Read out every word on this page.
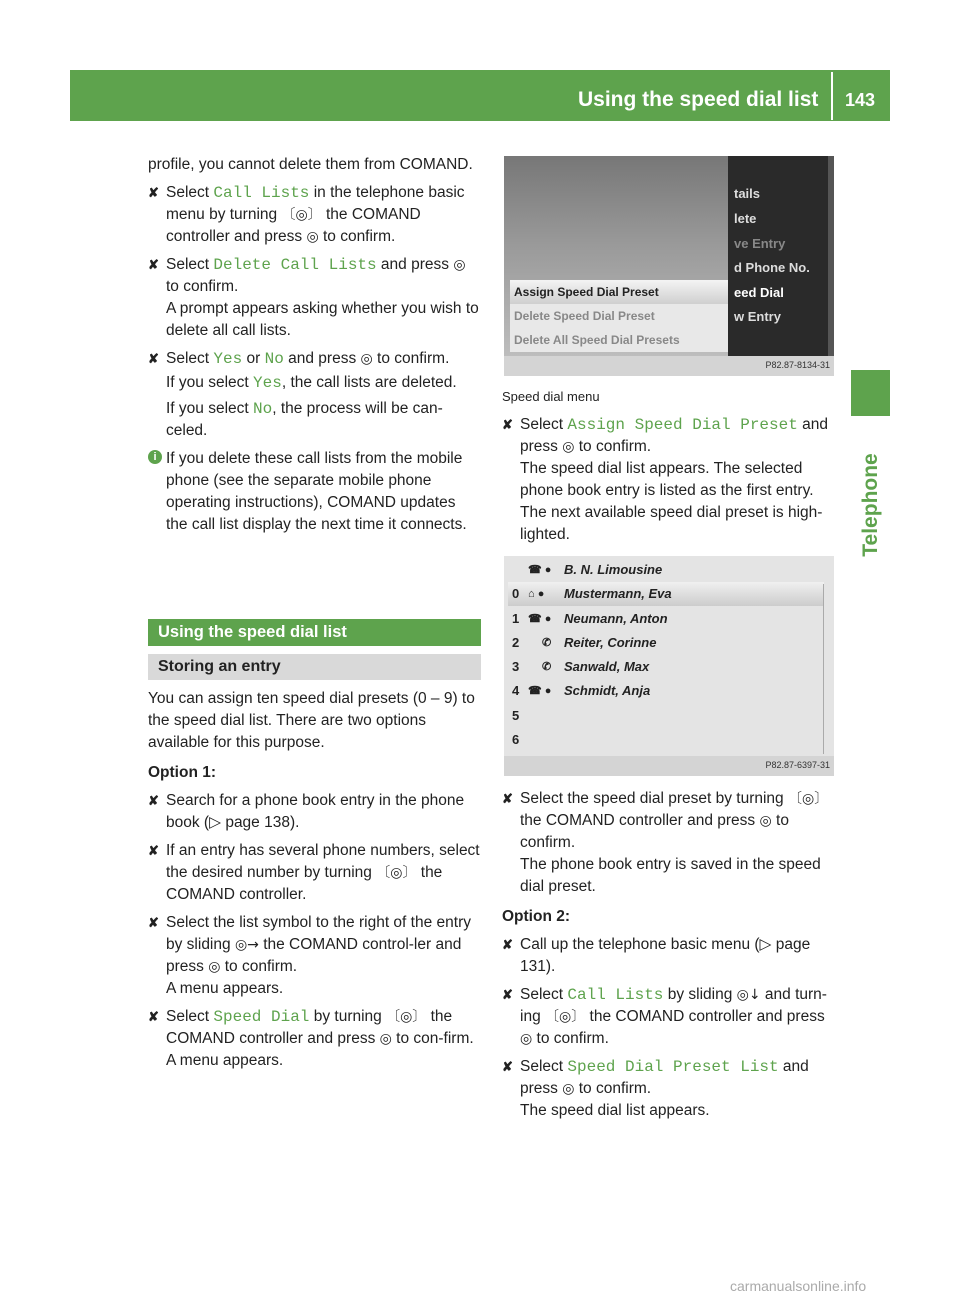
Using the speed dial list 143
Telephone

profile, you cannot delete them from COMAND.

✘ Select Call Lists in the telephone basic menu by turning 〔◎〕 the COMAND controller and press ◎ to confirm.

✘ Select Delete Call Lists and press ◎ to confirm.
A prompt appears asking whether you wish to delete all call lists.

✘ Select Yes or No and press ◎ to confirm.

If you select Yes, the call lists are deleted.

If you select No, the process will be can-celed.

i If you delete these call lists from the mobile phone (see the separate mobile phone operating instructions), COMAND updates the call list display the next time it connects.

Using the speed dial list
Storing an entry

You can assign ten speed dial presets (0 – 9) to the speed dial list. There are two options available for this purpose.

Option 1:

✘ Search for a phone book entry in the phone book (▷ page 138).

✘ If an entry has several phone numbers, select the desired number by turning 〔◎〕 the COMAND controller.

✘ Select the list symbol to the right of the entry by sliding ◎→ the COMAND control-ler and press ◎ to confirm.
A menu appears.

✘ Select Speed Dial by turning 〔◎〕 the COMAND controller and press ◎ to con-firm.
A menu appears.

tails
lete
ve Entry
d Phone No.
eed Dial
w Entry
Assign Speed Dial Preset
Delete Speed Dial Preset
Delete All Speed Dial Presets
P82.87-8134-31

Speed dial menu

✘ Select Assign Speed Dial Preset and press ◎ to confirm.
The speed dial list appears. The selected phone book entry is listed as the first entry. The next available speed dial preset is high-lighted.

☎ ● B. N. Limousine
0 ⌂ ● Mustermann, Eva
1 ☎ ● Neumann, Anton
2 ✆ Reiter, Corinne
3 ✆ Sanwald, Max
4 ☎ ● Schmidt, Anja
5
6
P82.87-6397-31

✘ Select the speed dial preset by turning 〔◎〕 the COMAND controller and press ◎ to confirm.
The phone book entry is saved in the speed dial preset.

Option 2:

✘ Call up the telephone basic menu (▷ page 131).

✘ Select Call Lists by sliding ◎↓ and turn-ing 〔◎〕 the COMAND controller and press ◎ to confirm.

✘ Select Speed Dial Preset List and press ◎ to confirm.
The speed dial list appears.

carmanualsonline.info
